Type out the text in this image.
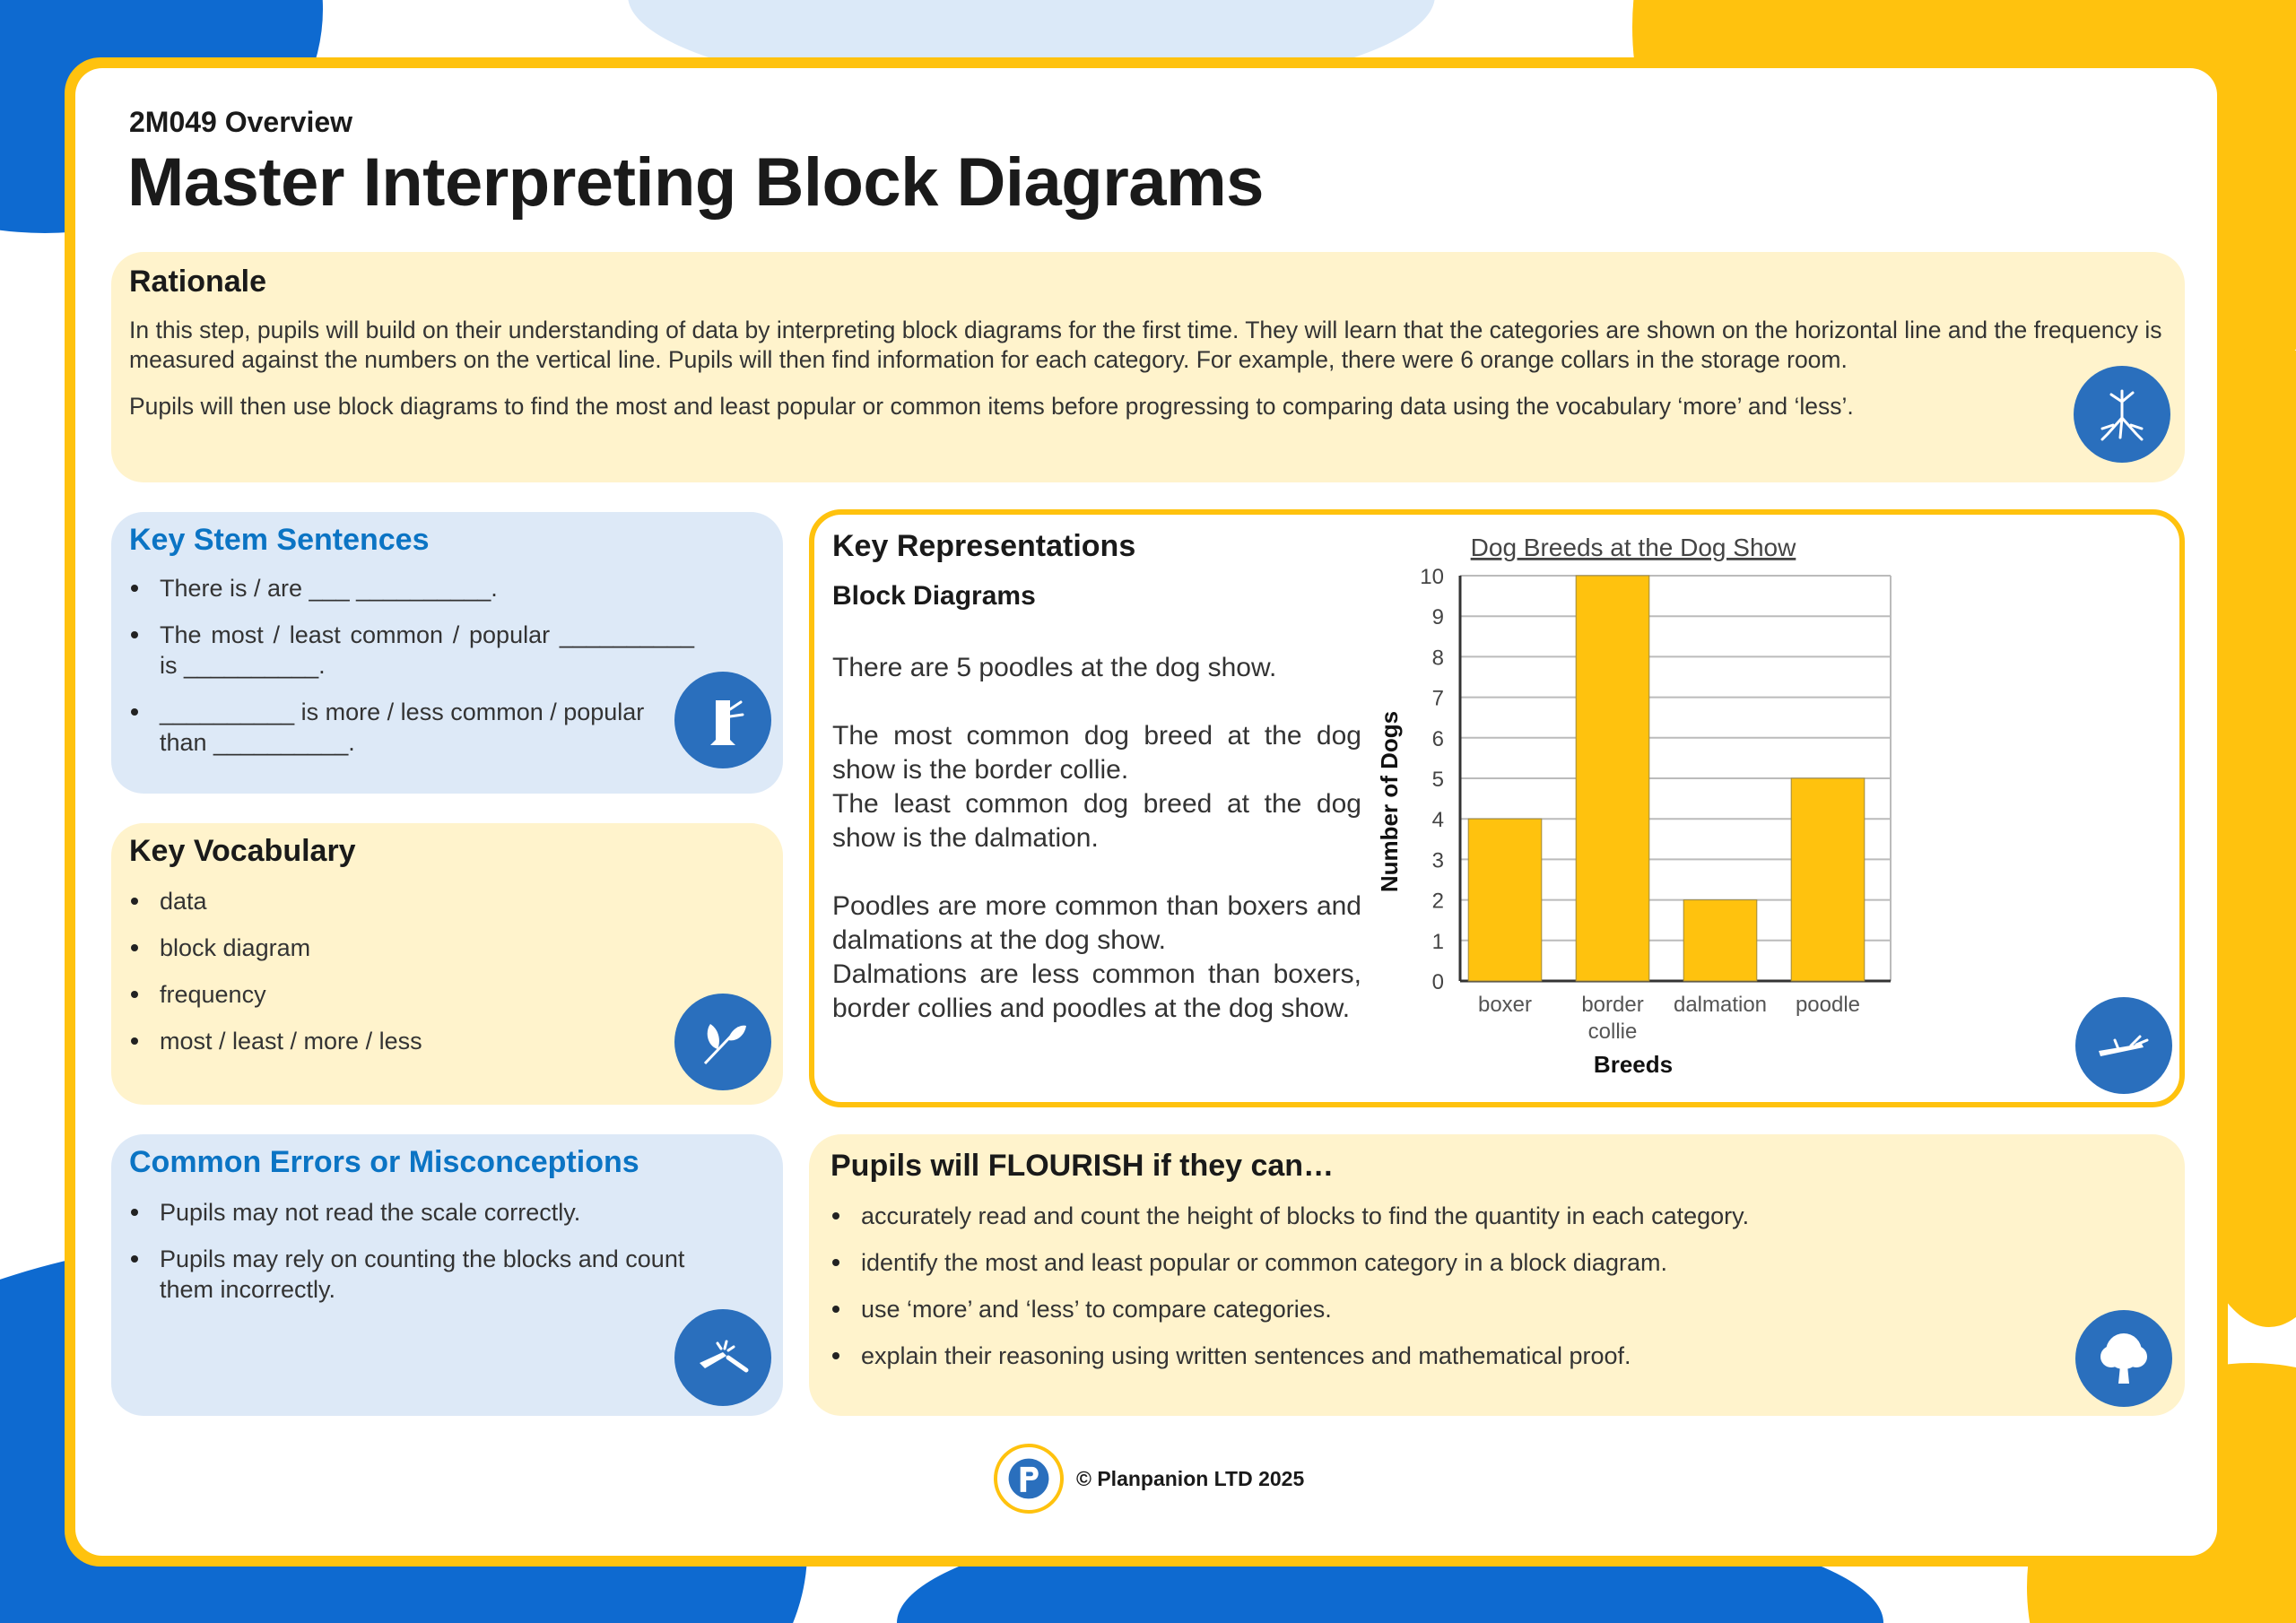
2M049 Overview
Master Interpreting Block Diagrams
Rationale
In this step, pupils will build on their understanding of data by interpreting block diagrams for the first time. They will learn that the categories are shown on the horizontal line and the frequency is measured against the numbers on the vertical line. Pupils will then find information for each category. For example, there were 6 orange collars in the storage room.
Pupils will then use block diagrams to find the most and least popular or common items before progressing to comparing data using the vocabulary ‘more’ and ‘less’.
Key Stem Sentences
There is / are ___ __________.
The most / least common / popular __________ is __________.
__________ is more / less common / popular than __________.
Key Vocabulary
data
block diagram
frequency
most / least / more / less
Common Errors or Misconceptions
Pupils may not read the scale correctly.
Pupils may rely on counting the blocks and count them incorrectly.
Key Representations
Block Diagrams

There are 5 poodles at the dog show.

The most common dog breed at the dog show is the border collie.

The least common dog breed at the dog show is the dalmation.

Poodles are more common than boxers and dalmations at the dog show.
Dalmations are less common than boxers, border collies and poodles at the dog show.
Dog Breeds at the Dog Show
0
1
2
3
4
5
6
7
8
9
10
boxer border
collie
dalmation poodle
Breeds
Number of Dogs
Pupils will FLOURISH if they can…
accurately read and count the height of blocks to find the quantity in each category.
identify the most and least popular or common category in a block diagram.
use ‘more’ and ‘less’ to compare categories.
explain their reasoning using written sentences and mathematical proof.
© Planpanion LTD 2025
